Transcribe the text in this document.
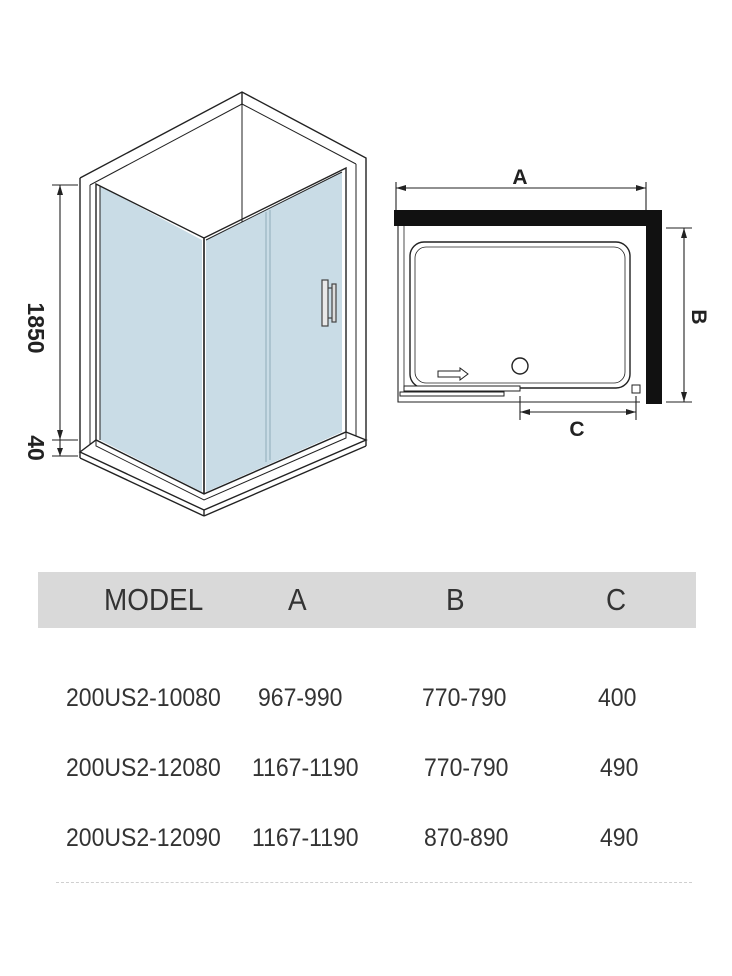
1850
40
A
B
C
MODEL	A	B	C
200US2-10080 967-990	770-790	400
200US2-12080 1167-1190	770-790	490
200US2-12090 1167-1190	870-890	490
